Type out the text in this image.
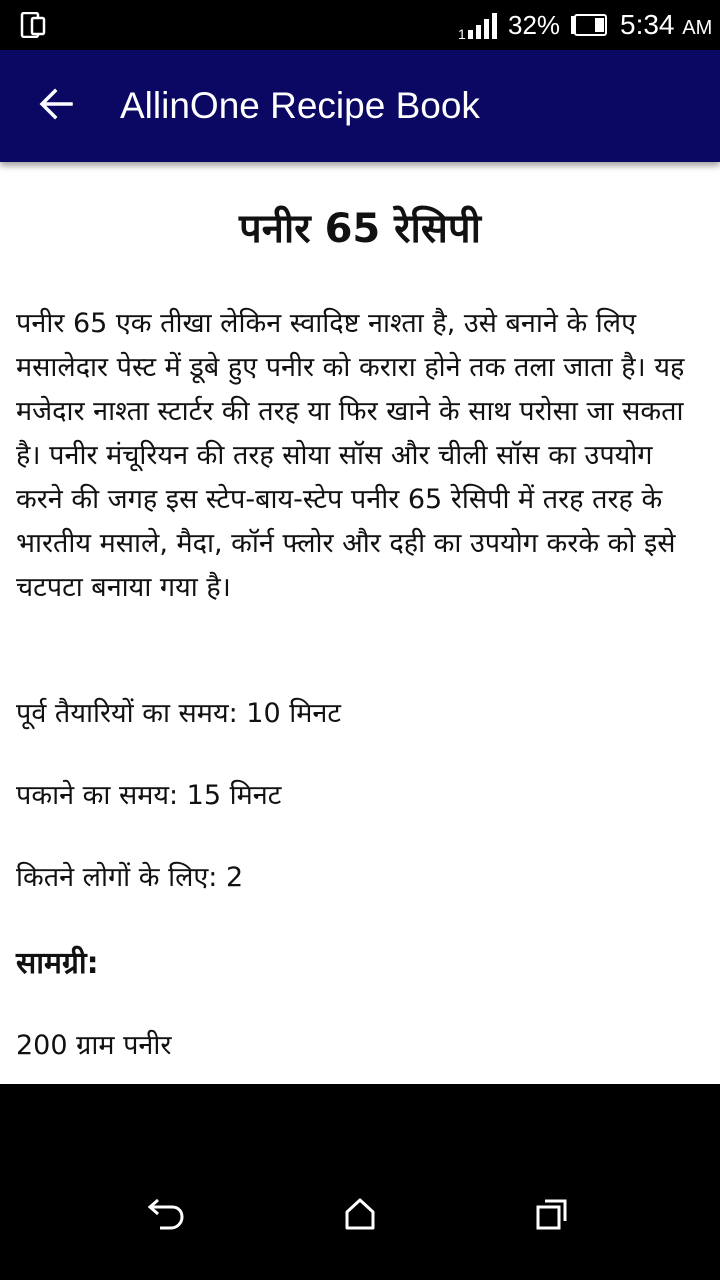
1 32% 5:34 AM
AllinOne Recipe Book
पनीर 65 रेसिपी

पनीर 65 एक तीखा लेकिन स्वादिष्ट नाश्ता है, उसे बनाने के लिए मसालेदार पेस्ट में डूबे हुए पनीर को करारा होने तक तला जाता है। यह मजेदार नाश्ता स्टार्टर की तरह या फिर खाने के साथ परोसा जा सकता है। पनीर मंचूरियन की तरह सोया सॉस और चीली सॉस का उपयोग करने की जगह इस स्टेप-बाय-स्टेप पनीर 65 रेसिपी में तरह तरह के भारतीय मसाले, मैदा, कॉर्न फ्लोर और दही का उपयोग करके को इसे चटपटा बनाया गया है।

पूर्व तैयारियों का समय: 10 मिनट

पकाने का समय: 15 मिनट

कितने लोगों के लिए: 2

सामग्री:

200 ग्राम पनीर
